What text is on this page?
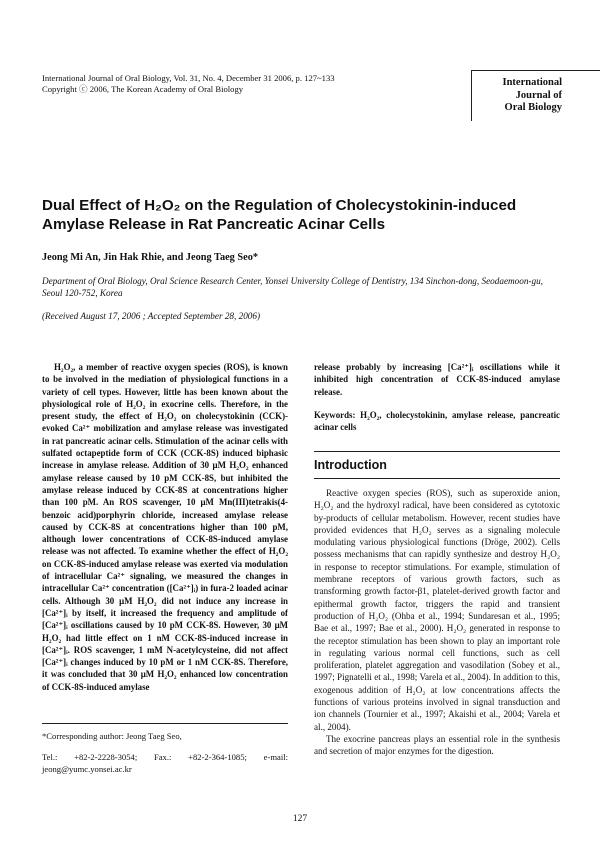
International Journal of Oral Biology, Vol. 31, No. 4, December 31 2006, p. 127~133
Copyright ⓒ 2006, The Korean Academy of Oral Biology
International
Journal of
Oral Biology
Dual Effect of H₂O₂ on the Regulation of Cholecystokinin-induced
Amylase Release in Rat Pancreatic Acinar Cells
Jeong Mi An, Jin Hak Rhie, and Jeong Taeg Seo*
Department of Oral Biology, Oral Science Research Center, Yonsei University College of Dentistry, 134 Sinchon-dong, Seodaemoon-gu, Seoul 120-752, Korea
(Received August 17, 2006 ; Accepted September 28, 2006)
H₂O₂, a member of reactive oxygen species (ROS), is known to be involved in the mediation of physiological functions in a variety of cell types. However, little has been known about the physiological role of H₂O₂ in exocrine cells. Therefore, in the present study, the effect of H₂O₂ on cholecystokinin (CCK)-evoked Ca²⁺ mobilization and amylase release was investigated in rat pancreatic acinar cells. Stimulation of the acinar cells with sulfated octapeptide form of CCK (CCK-8S) induced biphasic increase in amylase release. Addition of 30 μM H₂O₂ enhanced amylase release caused by 10 pM CCK-8S, but inhibited the amylase release induced by CCK-8S at concentrations higher than 100 pM. An ROS scavenger, 10 μM Mn(III)tetrakis(4-benzoic acid)porphyrin chloride, increased amylase release caused by CCK-8S at concentrations higher than 100 pM, although lower concentrations of CCK-8S-induced amylase release was not affected. To examine whether the effect of H₂O₂ on CCK-8S-induced amylase release was exerted via modulation of intracellular Ca²⁺ signaling, we measured the changes in intracellular Ca²⁺ concentration ([Ca²⁺]ᵢ) in fura-2 loaded acinar cells. Although 30 μM H₂O₂ did not induce any increase in [Ca²⁺]ᵢ by itself, it increased the frequency and amplitude of [Ca²⁺]ᵢ oscillations caused by 10 pM CCK-8S. However, 30 μM H₂O₂ had little effect on 1 nM CCK-8S-induced increase in [Ca²⁺]ᵢ. ROS scavenger, 1 mM N-acetylcysteine, did not affect [Ca²⁺]ᵢ changes induced by 10 pM or 1 nM CCK-8S. Therefore, it was concluded that 30 μM H₂O₂ enhanced low concentration of CCK-8S-induced amylase
release probably by increasing [Ca²⁺]ᵢ oscillations while it inhibited high concentration of CCK-8S-induced amylase release.
Keywords: H₂O₂, cholecystokinin, amylase release, pancreatic acinar cells
Introduction

Reactive oxygen species (ROS), such as superoxide anion, H₂O₂ and the hydroxyl radical, have been considered as cytotoxic by-products of cellular metabolism. However, recent studies have provided evidences that H₂O₂ serves as a signaling molecule modulating various physiological functions (Dröge, 2002). Cells possess mechanisms that can rapidly synthesize and destroy H₂O₂ in response to receptor stimulations. For example, stimulation of membrane receptors of various growth factors, such as transforming growth factor-β1, platelet-derived growth factor and epithermal growth factor, triggers the rapid and transient production of H₂O₂ (Ohba et al., 1994; Sundaresan et al., 1995; Bae et al., 1997; Bae et al., 2000). H₂O₂ generated in response to the receptor stimulation has been shown to play an important role in regulating various normal cell functions, such as cell proliferation, platelet aggregation and vasodilation (Sobey et al., 1997; Pignatelli et al., 1998; Varela et al., 2004). In addition to this, exogenous addition of H₂O₂ at low concentrations affects the functions of various proteins involved in signal transduction and ion channels (Tournier et al., 1997; Akaishi et al., 2004; Varela et al., 2004).

The exocrine pancreas plays an essential role in the synthesis and secretion of major enzymes for the digestion.

*Corresponding author: Jeong Taeg Seo,
Tel.: +82-2-2228-3054; Fax.: +82-2-364-1085; e-mail: jeong@yumc.yonsei.ac.kr
127
